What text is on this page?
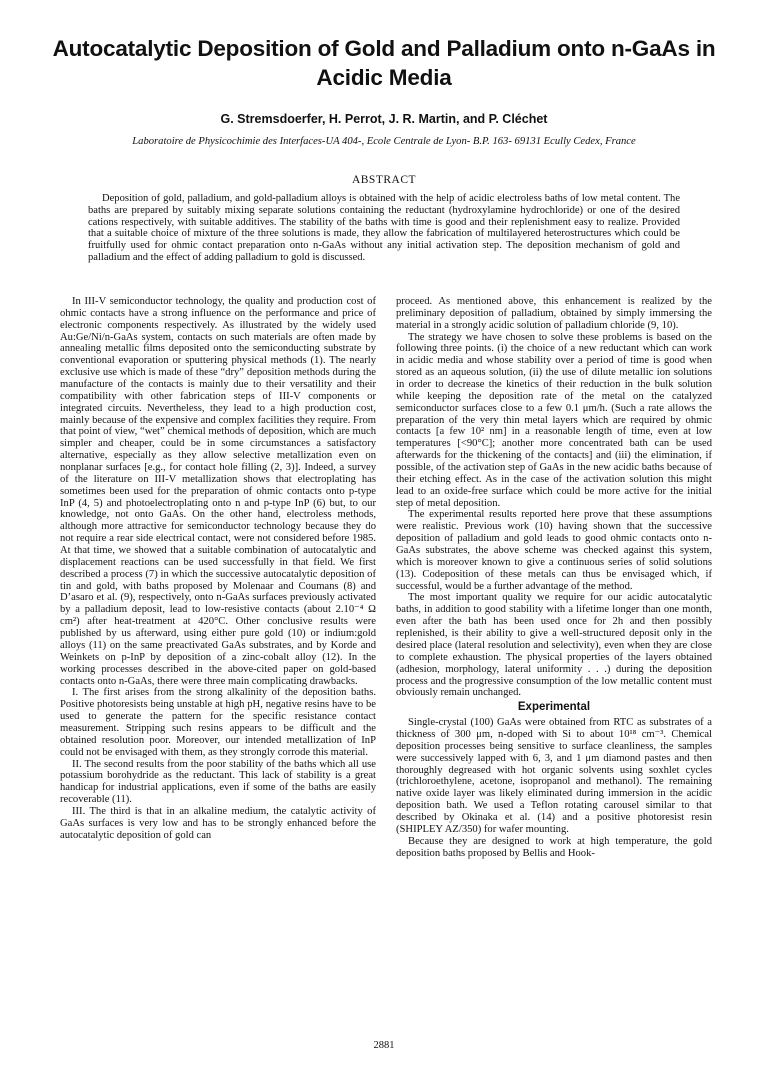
Autocatalytic Deposition of Gold and Palladium onto n-GaAs in Acidic Media
G. Stremsdoerfer, H. Perrot, J. R. Martin, and P. Cléchet
Laboratoire de Physicochimie des Interfaces-UA 404-, Ecole Centrale de Lyon- B.P. 163- 69131 Ecully Cedex, France
ABSTRACT
Deposition of gold, palladium, and gold-palladium alloys is obtained with the help of acidic electroless baths of low metal content. The baths are prepared by suitably mixing separate solutions containing the reductant (hydroxylamine hydrochloride) or one of the desired cations respectively, with suitable additives. The stability of the baths with time is good and their replenishment easy to realize. Provided that a suitable choice of mixture of the three solutions is made, they allow the fabrication of multilayered heterostructures which could be fruitfully used for ohmic contact preparation onto n-GaAs without any initial activation step. The deposition mechanism of gold and palladium and the effect of adding palladium to gold is discussed.

In III-V semiconductor technology, the quality and production cost of ohmic contacts have a strong influence on the performance and price of electronic components respectively. As illustrated by the widely used Au:Ge/Ni/n-GaAs system, contacts on such materials are often made by annealing metallic films deposited onto the semiconducting substrate by conventional evaporation or sputtering physical methods (1). The nearly exclusive use which is made of these “dry” deposition methods during the manufacture of the contacts is mainly due to their versatility and their compatibility with other fabrication steps of III-V components or integrated circuits. Nevertheless, they lead to a high production cost, mainly because of the expensive and complex facilities they require. From that point of view, “wet” chemical methods of deposition, which are much simpler and cheaper, could be in some circumstances a satisfactory alternative, especially as they allow selective metallization even on nonplanar surfaces [e.g., for contact hole filling (2, 3)]. Indeed, a survey of the literature on III-V metallization shows that electroplating has sometimes been used for the preparation of ohmic contacts onto p-type InP (4, 5) and photoelectroplating onto n and p-type InP (6) but, to our knowledge, not onto GaAs. On the other hand, electroless methods, although more attractive for semiconductor technology because they do not require a rear side electrical contact, were not considered before 1985. At that time, we showed that a suitable combination of autocatalytic and displacement reactions can be used successfully in that field. We first described a process (7) in which the successive autocatalytic deposition of tin and gold, with baths proposed by Molenaar and Coumans (8) and D’asaro et al. (9), respectively, onto n-GaAs surfaces previously activated by a palladium deposit, lead to low-resistive contacts (about 2.10⁻⁴ Ω cm²) after heat-treatment at 420°C. Other conclusive results were published by us afterward, using either pure gold (10) or indium:gold alloys (11) on the same preactivated GaAs substrates, and by Korde and Weinkets on p-InP by deposition of a zinc-cobalt alloy (12). In the working processes described in the above-cited paper on gold-based contacts onto n-GaAs, there were three main complicating drawbacks.

I. The first arises from the strong alkalinity of the deposition baths. Positive photoresists being unstable at high pH, negative resins have to be used to generate the pattern for the specific resistance contact measurement. Stripping such resins appears to be difficult and the obtained resolution poor. Moreover, our intended metallization of InP could not be envisaged with them, as they strongly corrode this material.

II. The second results from the poor stability of the baths which all use potassium borohydride as the reductant. This lack of stability is a great handicap for industrial applications, even if some of the baths are easily recoverable (11).

III. The third is that in an alkaline medium, the catalytic activity of GaAs surfaces is very low and has to be strongly enhanced before the autocatalytic deposition of gold can

proceed. As mentioned above, this enhancement is realized by the preliminary deposition of palladium, obtained by simply immersing the material in a strongly acidic solution of palladium chloride (9, 10).

The strategy we have chosen to solve these problems is based on the following three points. (i) the choice of a new reductant which can work in acidic media and whose stability over a period of time is good when stored as an aqueous solution, (ii) the use of dilute metallic ion solutions in order to decrease the kinetics of their reduction in the bulk solution while keeping the deposition rate of the metal on the catalyzed semiconductor surfaces close to a few 0.1 μm/h. (Such a rate allows the preparation of the very thin metal layers which are required by ohmic contacts [a few 10² nm] in a reasonable length of time, even at low temperatures [<90°C]; another more concentrated bath can be used afterwards for the thickening of the contacts] and (iii) the elimination, if possible, of the activation step of GaAs in the new acidic baths because of their etching effect. As in the case of the activation solution this might lead to an oxide-free surface which could be more active for the initial step of metal deposition.

The experimental results reported here prove that these assumptions were realistic. Previous work (10) having shown that the successive deposition of palladium and gold leads to good ohmic contacts onto n-GaAs substrates, the above scheme was checked against this system, which is moreover known to give a continuous series of solid solutions (13). Codeposition of these metals can thus be envisaged which, if successful, would be a further advantage of the method.

The most important quality we require for our acidic autocatalytic baths, in addition to good stability with a lifetime longer than one month, even after the bath has been used once for 2h and then possibly replenished, is their ability to give a well-structured deposit only in the desired place (lateral resolution and selectivity), even when they are close to complete exhaustion. The physical properties of the layers obtained (adhesion, morphology, lateral uniformity . . .) during the deposition process and the progressive consumption of the low metallic content must obviously remain unchanged.

Experimental

Single-crystal (100) GaAs were obtained from RTC as substrates of a thickness of 300 μm, n-doped with Si to about 10¹⁸ cm⁻³. Chemical deposition processes being sensitive to surface cleanliness, the samples were successively lapped with 6, 3, and 1 μm diamond pastes and then thoroughly degreased with hot organic solvents using soxhlet cycles (trichloroethylene, acetone, isopropanol and methanol). The remaining native oxide layer was likely eliminated during immersion in the acidic deposition bath. We used a Teflon rotating carousel similar to that described by Okinaka et al. (14) and a positive photoresist resin (SHIPLEY AZ/350) for wafer mounting.

Because they are designed to work at high temperature, the gold deposition baths proposed by Bellis and Hook-

2881
